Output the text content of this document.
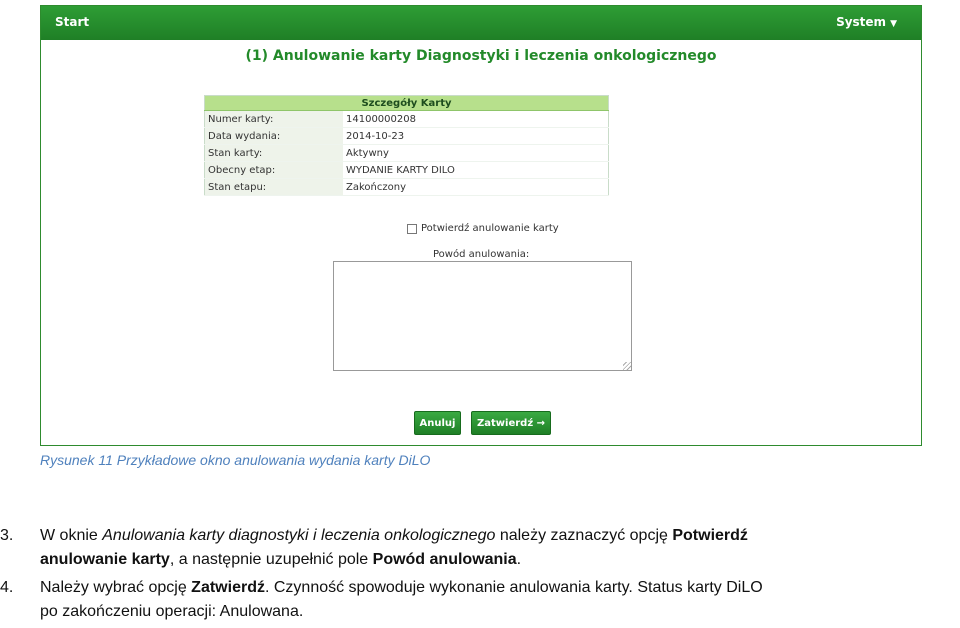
Start	System ▼
(1) Anulowanie karty Diagnostyki i leczenia onkologicznego
Szczegóły Karty	
Numer karty:	14100000208
Data wydania:	2014-10-23
Stan karty:	Aktywny
Obecny etap:	WYDANIE KARTY DILO
Stan etapu:	Zakończony
Potwierdź anulowanie karty
Powód anulowania:
Anuluj	Zatwierdź →
Rysunek 11 Przykładowe okno anulowania wydania karty DiLO
3. W oknie Anulowania karty diagnostyki i leczenia onkologicznego należy zaznaczyć opcję Potwierdź
anulowanie karty, a następnie uzupełnić pole Powód anulowania.
4. Należy wybrać opcję Zatwierdź. Czynność spowoduje wykonanie anulowania karty. Status karty DiLO
po zakończeniu operacji: Anulowana.
